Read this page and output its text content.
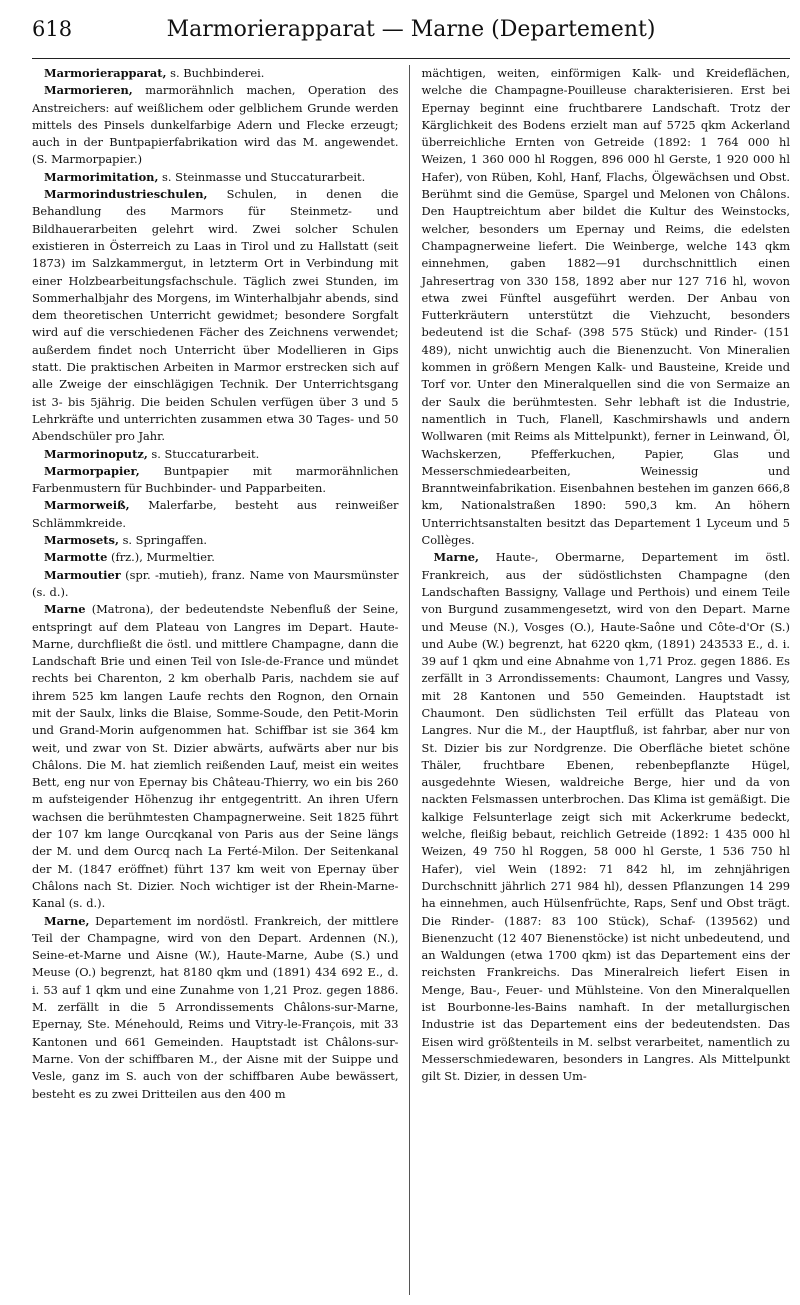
618	Marmorierapparat — Marne (Departement)

Marmorierapparat, s. Buchbinderei.

Marmorieren, marmorähnlich machen, Operation des Anstreichers: auf weißlichem oder gelblichem Grunde werden mittels des Pinsels dunkelfarbige Adern und Flecke erzeugt; auch in der Buntpapierfabrikation wird das M. angewendet. (S. Marmorpapier.)

Marmorimitation, s. Steinmasse und Stuccaturarbeit.

Marmorindustrieschulen, Schulen, in denen die Behandlung des Marmors für Steinmetz- und Bildhauerarbeiten gelehrt wird. Zwei solcher Schulen existieren in Österreich zu Laas in Tirol und zu Hallstatt (seit 1873) im Salzkammergut, in letzterm Ort in Verbindung mit einer Holzbearbeitungsfachschule. Täglich zwei Stunden, im Sommerhalbjahr des Morgens, im Winterhalbjahr abends, sind dem theoretischen Unterricht gewidmet; besondere Sorgfalt wird auf die verschiedenen Fächer des Zeichnens verwendet; außerdem findet noch Unterricht über Modellieren in Gips statt. Die praktischen Arbeiten in Marmor erstrecken sich auf alle Zweige der einschlägigen Technik. Der Unterrichtsgang ist 3- bis 5jährig. Die beiden Schulen verfügen über 3 und 5 Lehrkräfte und unterrichten zusammen etwa 30 Tages- und 50 Abendschüler pro Jahr.

Marmorinoputz, s. Stuccaturarbeit.

Marmorpapier, Buntpapier mit marmorähnlichen Farbenmustern für Buchbinder- und Papparbeiten.

Marmorweiß, Malerfarbe, besteht aus reinweißer Schlämmkreide.

Marmosets, s. Springaffen.

Marmotte (frz.), Murmeltier.

Marmoutier (spr. -mutieh), franz. Name von Maursmünster (s. d.).

Marne (Matrona), der bedeutendste Nebenfluß der Seine, entspringt auf dem Plateau von Langres im Depart. Haute-Marne, durchfließt die östl. und mittlere Champagne, dann die Landschaft Brie und einen Teil von Isle-de-France und mündet rechts bei Charenton, 2 km oberhalb Paris, nachdem sie auf ihrem 525 km langen Laufe rechts den Rognon, den Ornain mit der Saulx, links die Blaise, Somme-Soude, den Petit-Morin und Grand-Morin aufgenommen hat. Schiffbar ist sie 364 km weit, und zwar von St. Dizier abwärts, aufwärts aber nur bis Châlons. Die M. hat ziemlich reißenden Lauf, meist ein weites Bett, eng nur von Epernay bis Château-Thierry, wo ein bis 260 m aufsteigender Höhenzug ihr entgegentritt. An ihren Ufern wachsen die berühmtesten Champagnerweine. Seit 1825 führt der 107 km lange Ourcqkanal von Paris aus der Seine längs der M. und dem Ourcq nach La Ferté-Milon. Der Seitenkanal der M. (1847 eröffnet) führt 137 km weit von Epernay über Châlons nach St. Dizier. Noch wichtiger ist der Rhein-Marne-Kanal (s. d.).

Marne, Departement im nordöstl. Frankreich, der mittlere Teil der Champagne, wird von den Depart. Ardennen (N.), Seine-et-Marne und Aisne (W.), Haute-Marne, Aube (S.) und Meuse (O.) begrenzt, hat 8180 qkm und (1891) 434 692 E., d. i. 53 auf 1 qkm und eine Zunahme von 1,21 Proz. gegen 1886. M. zerfällt in die 5 Arrondissements Châlons-sur-Marne, Epernay, Ste. Ménehould, Reims und Vitry-le-François, mit 33 Kantonen und 661 Gemeinden. Hauptstadt ist Châlons-sur-Marne. Von der schiffbaren M., der Aisne mit der Suippe und Vesle, ganz im S. auch von der schiffbaren Aube bewässert, besteht es zu zwei Dritteilen aus den 400 m

mächtigen, weiten, einförmigen Kalk- und Kreideflächen, welche die Champagne-Pouilleuse charakterisieren. Erst bei Epernay beginnt eine fruchtbarere Landschaft. Trotz der Kärglichkeit des Bodens erzielt man auf 5725 qkm Ackerland überreichliche Ernten von Getreide (1892: 1 764 000 hl Weizen, 1 360 000 hl Roggen, 896 000 hl Gerste, 1 920 000 hl Hafer), von Rüben, Kohl, Hanf, Flachs, Ölgewächsen und Obst. Berühmt sind die Gemüse, Spargel und Melonen von Châlons. Den Hauptreichtum aber bildet die Kultur des Weinstocks, welcher, besonders um Epernay und Reims, die edelsten Champagnerweine liefert. Die Weinberge, welche 143 qkm einnehmen, gaben 1882—91 durchschnittlich einen Jahresertrag von 330 158, 1892 aber nur 127 716 hl, wovon etwa zwei Fünftel ausgeführt werden. Der Anbau von Futterkräutern unterstützt die Viehzucht, besonders bedeutend ist die Schaf- (398 575 Stück) und Rinder- (151 489), nicht unwichtig auch die Bienenzucht. Von Mineralien kommen in größern Mengen Kalk- und Bausteine, Kreide und Torf vor. Unter den Mineralquellen sind die von Sermaize an der Saulx die berühmtesten. Sehr lebhaft ist die Industrie, namentlich in Tuch, Flanell, Kaschmirshawls und andern Wollwaren (mit Reims als Mittelpunkt), ferner in Leinwand, Öl, Wachskerzen, Pfefferkuchen, Papier, Glas und Messerschmiedearbeiten, Weinessig und Branntweinfabrikation. Eisenbahnen bestehen im ganzen 666,8 km, Nationalstraßen 1890: 590,3 km. An höhern Unterrichtsanstalten besitzt das Departement 1 Lyceum und 5 Collèges.

Marne, Haute-, Obermarne, Departement im östl. Frankreich, aus der südöstlichsten Champagne (den Landschaften Bassigny, Vallage und Perthois) und einem Teile von Burgund zusammengesetzt, wird von den Depart. Marne und Meuse (N.), Vosges (O.), Haute-Saône und Côte-d'Or (S.) und Aube (W.) begrenzt, hat 6220 qkm, (1891) 243533 E., d. i. 39 auf 1 qkm und eine Abnahme von 1,71 Proz. gegen 1886. Es zerfällt in 3 Arrondissements: Chaumont, Langres und Vassy, mit 28 Kantonen und 550 Gemeinden. Hauptstadt ist Chaumont. Den südlichsten Teil erfüllt das Plateau von Langres. Nur die M., der Hauptfluß, ist fahrbar, aber nur von St. Dizier bis zur Nordgrenze. Die Oberfläche bietet schöne Thäler, fruchtbare Ebenen, rebenbepflanzte Hügel, ausgedehnte Wiesen, waldreiche Berge, hier und da von nackten Felsmassen unterbrochen. Das Klima ist gemäßigt. Die kalkige Felsunterlage zeigt sich mit Ackerkrume bedeckt, welche, fleißig bebaut, reichlich Getreide (1892: 1 435 000 hl Weizen, 49 750 hl Roggen, 58 000 hl Gerste, 1 536 750 hl Hafer), viel Wein (1892: 71 842 hl, im zehnjährigen Durchschnitt jährlich 271 984 hl), dessen Pflanzungen 14 299 ha einnehmen, auch Hülsenfrüchte, Raps, Senf und Obst trägt. Die Rinder- (1887: 83 100 Stück), Schaf- (139562) und Bienenzucht (12 407 Bienenstöcke) ist nicht unbedeutend, und an Waldungen (etwa 1700 qkm) ist das Departement eins der reichsten Frankreichs. Das Mineralreich liefert Eisen in Menge, Bau-, Feuer- und Mühlsteine. Von den Mineralquellen ist Bourbonne-les-Bains namhaft. In der metallurgischen Industrie ist das Departement eins der bedeutendsten. Das Eisen wird größtenteils in M. selbst verarbeitet, namentlich zu Messerschmiedewaren, besonders in Langres. Als Mittelpunkt gilt St. Dizier, in dessen Um-
